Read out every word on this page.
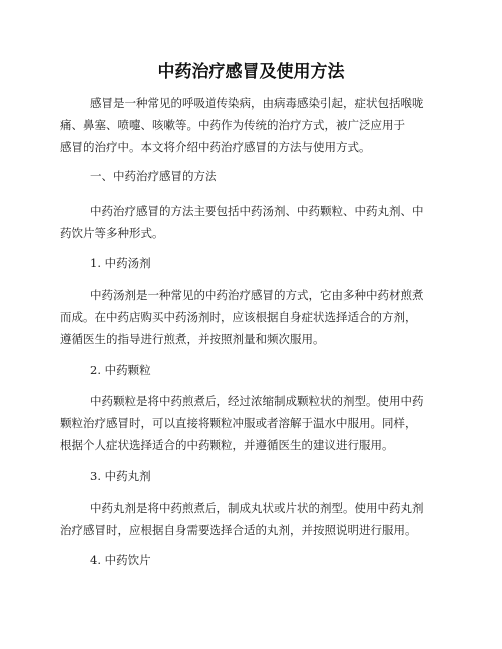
中药治疗感冒及使用方法

感冒是一种常见的呼吸道传染病，由病毒感染引起，症状包括喉咙
痛、鼻塞、喷嚏、咳嗽等。中药作为传统的治疗方式，被广泛应用于
感冒的治疗中。本文将介绍中药治疗感冒的方法与使用方式。

一、中药治疗感冒的方法

中药治疗感冒的方法主要包括中药汤剂、中药颗粒、中药丸剂、中
药饮片等多种形式。

1. 中药汤剂

中药汤剂是一种常见的中药治疗感冒的方式，它由多种中药材煎煮
而成。在中药店购买中药汤剂时，应该根据自身症状选择适合的方剂，
遵循医生的指导进行煎煮，并按照剂量和频次服用。

2. 中药颗粒

中药颗粒是将中药煎煮后，经过浓缩制成颗粒状的剂型。使用中药
颗粒治疗感冒时，可以直接将颗粒冲服或者溶解于温水中服用。同样，
根据个人症状选择适合的中药颗粒，并遵循医生的建议进行服用。

3. 中药丸剂

中药丸剂是将中药煎煮后，制成丸状或片状的剂型。使用中药丸剂
治疗感冒时，应根据自身需要选择合适的丸剂，并按照说明进行服用。

4. 中药饮片
